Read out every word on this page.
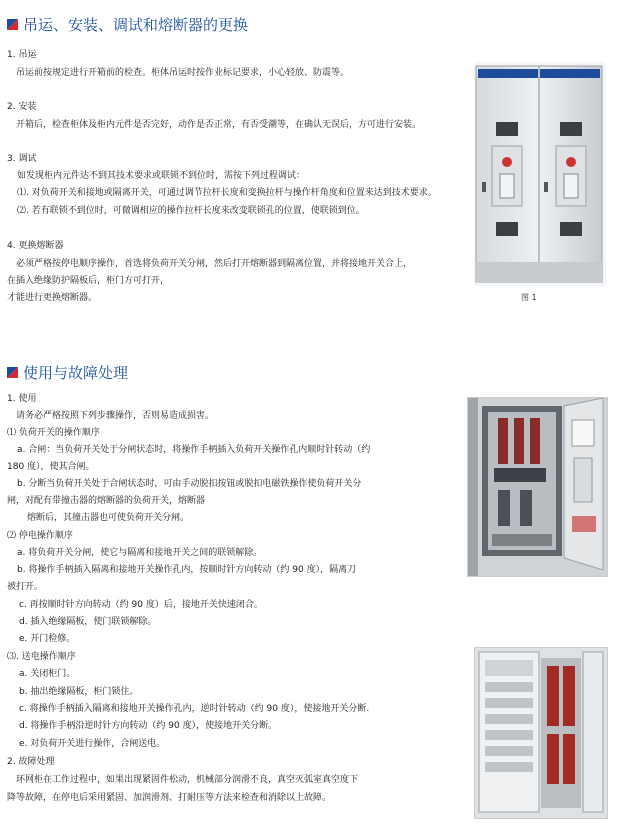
吊运、安装、调试和熔断器的更换
1. 吊运
吊运前按规定进行开箱前的检查。柜体吊运时按作业标记要求，小心轻放、防震等。
2. 安装
开箱后，检查柜体及柜内元件是否完好，动作是否正常，有否受潮等，在确认无误后，方可进行安装。
3. 调试
如发现柜内元件达不到其技术要求或联锁不到位时，需按下列过程调试：
⑴. 对负荷开关和接地或隔离开关，可通过调节拉杆长度和变换拉杆与操作杆角度和位置来达到技术要求。
⑵. 若有联锁不到位时，可微调相应的操作拉杆长度来改变联锁孔的位置，使联锁到位。
4. 更换熔断器
必须严格按停电顺序操作，首选将负荷开关分闸，然后打开熔断器到隔离位置，并将接地开关合上，
在插入绝缘防护隔板后，柜门方可打开，
才能进行更换熔断器。	图 1
使用与故障处理
1. 使用
请务必严格按照下列步骤操作，否则易造成损害。
⑴ 负荷开关的操作顺序
a. 合闸：当负荷开关处于分闸状态时，将操作手柄插入负荷开关操作孔内顺时针转动（约
180 度），使其合闸。
b. 分断当负荷开关处于合闸状态时，可由手动脱扣按钮或脱扣电磁铁操作使负荷开关分
闸，对配有带撞击器的熔断器的负荷开关，熔断器
熔断后，其撞击器也可使负荷开关分闸。
⑵ 停电操作顺序
a. 将负荷开关分闸，使它与隔离和接地开关之间的联锁解除。
b. 将操作手柄插入隔离和接地开关操作孔内，按顺时针方向转动（约 90 度），隔离刀
被打开。
c. 再按顺时针方向转动（约 90 度）后，接地开关快速闭合。
d. 插入绝缘隔板，使门联锁解除。
e. 开门检修。
⑶. 送电操作顺序
a. 关闭柜门。
b. 抽出绝缘隔板，柜门锁住。
c. 将操作手柄插入隔离和接地开关操作孔内，逆时针转动（约 90 度），使接地开关分断.
d. 将操作手柄沿逆时针方向转动（约 90 度），使接地开关分断。
e. 对负荷开关进行操作，合闸送电。
2. 故障处理
环网柜在工作过程中，如果出现紧固件松动，机械部分润滑不良，真空灭弧室真空度下
降等故障，在停电后采用紧固、加润滑剂、打耐压等方法来检查和消除以上故障。
